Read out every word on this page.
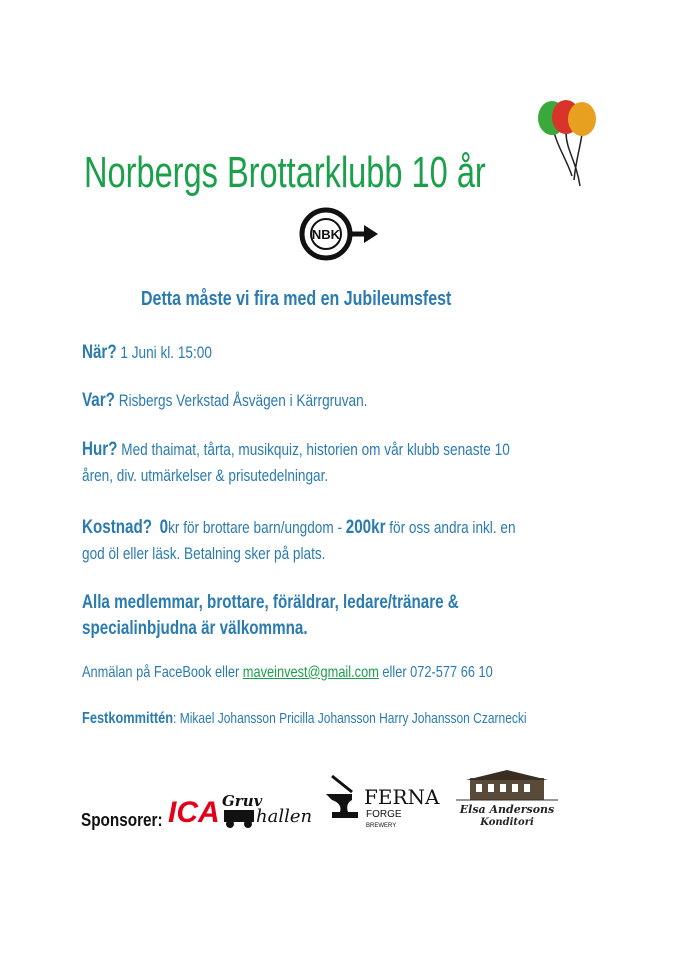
Norbergs Brottarklubb 10 år
NBK
Detta måste vi fira med en Jubileumsfest
När? 1 Juni kl. 15:00
Var? Risbergs Verkstad Åsvägen i Kärrgruvan.
Hur? Med thaimat, tårta, musikquiz, historien om vår klubb senaste 10
åren, div. utmärkelser & prisutedelningar.
Kostnad? 0kr för brottare barn/ungdom - 200kr för oss andra inkl. en
god öl eller läsk. Betalning sker på plats.
Alla medlemmar, brottare, föräldrar, ledare/tränare &
specialinbjudna är välkommna.
Anmälan på FaceBook eller maveinvest@gmail.com eller 072-577 66 10
Festkommittén: Mikael Johansson Pricilla Johansson Harry Johansson Czarnecki
Sponsorer: ICA Gruv
hallen
FERNA
FORGE
BREWERY
Elsa Andersons
Konditori
